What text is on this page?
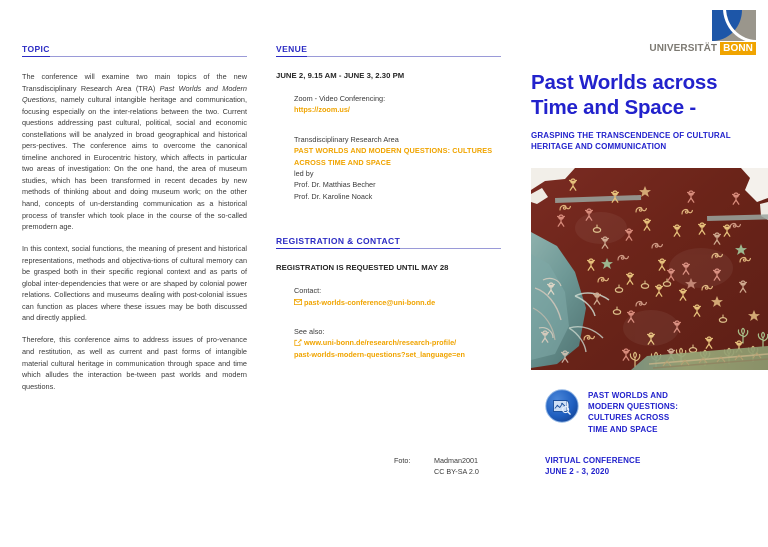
TOPIC

The conference will examine two main topics of the new Transdisciplinary Research Area (TRA) Past Worlds and Modern Questions, namely cultural intangible heritage and communication, focusing especially on the inter-relations between the two. Current questions addressing past cultural, political, social and economic constellations will be analyzed in broad geographical and historical pers-pectives. The conference aims to overcome the canonical timeline anchored in Eurocentric history, which affects in particular two areas of investigation: On the one hand, the area of museum studies, which has been transformed in recent decades by new methods of thinking about and doing museum work; on the other hand, concepts of un-derstanding communication as a historical process of transfer which took place in the course of the so-called premodern age.

In this context, social functions, the meaning of present and historical representations, methods and objectiva-tions of cultural memory can be grasped both in their specific regional context and as parts of global inter-dependencies that were or are shaped by colonial power relations. Collections and museums dealing with post-colonial issues can function as places where these issues may be both discussed and directly applied.

Therefore, this conference aims to address issues of pro-venance and restitution, as well as current and past forms of intangible material cultural heritage in communication through space and time which alludes the interaction be-tween past worlds and modern questions.

VENUE
JUNE 2, 9.15 AM - JUNE 3, 2.30 PM
Zoom - Video Conferencing:
https://zoom.us/
Transdisciplinary Research Area
PAST WORLDS AND MODERN QUESTIONS: CULTURES
ACROSS TIME AND SPACE
led by
Prof. Dr. Matthias Becher
Prof. Dr. Karoline Noack
REGISTRATION & CONTACT
REGISTRATION IS REQUESTED UNTIL MAY 28
Contact:
past-worlds-conference@uni-bonn.de
See also:
www.uni-bonn.de/research/research-profile/
past-worlds-modern-questions?set_language=en
Foto:	Madman2001
CC BY-SA 2.0
UNIVERSITÄT BONN
Past Worlds across
Time and Space -
GRASPING THE TRANSCENDENCE OF CULTURAL
HERITAGE AND COMMUNICATION
PAST WORLDS AND
MODERN QUESTIONS:
CULTURES ACROSS
TIME AND SPACE
VIRTUAL CONFERENCE
JUNE 2 - 3, 2020
